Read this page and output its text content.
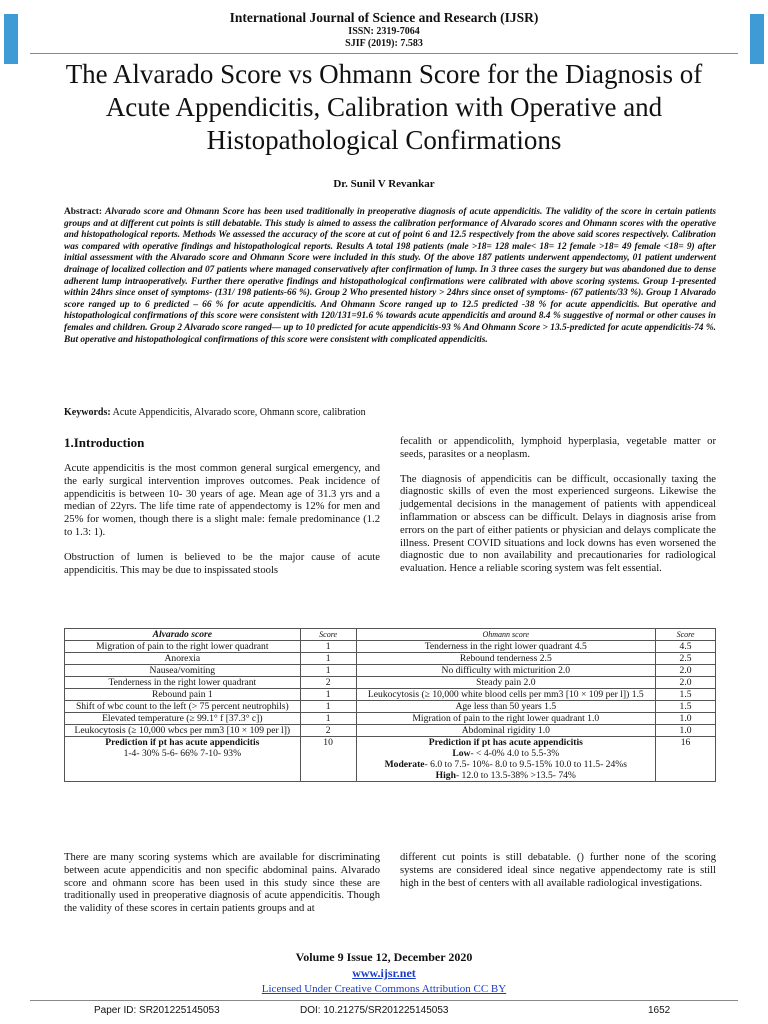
International Journal of Science and Research (IJSR)
ISSN: 2319-7064
SJIF (2019): 7.583
The Alvarado Score vs Ohmann Score for the Diagnosis of Acute Appendicitis, Calibration with Operative and Histopathological Confirmations
Dr. Sunil V Revankar
Abstract: Alvarado score and Ohmann Score has been used traditionally in preoperative diagnosis of acute appendicitis. The validity of the score in certain patients groups and at different cut points is still debatable. This study is aimed to assess the calibration performance of Alvarado scores and Ohmann scores with the operative and histopathological reports. Methods We assessed the accuracy of the score at cut of point 6 and 12.5 respectively from the above said scores respectively. Calibration was compared with operative findings and histopathological reports. Results A total 198 patients (male >18= 128 male< 18= 12 female >18= 49 female <18= 9) after initial assessment with the Alvarado score and Ohmann Score were included in this study. Of the above 187 patients underwent appendectomy, 01 patient underwent drainage of localized collection and 07 patients where managed conservatively after confirmation of lump. In 3 three cases the surgery but was abandoned due to dense adherent lump intraoperatively. Further there operative findings and histopathological confirmations were calibrated with above scoring systems. Group 1-presented within 24hrs since onset of symptoms- (131/ 198 patients-66 %). Group 2 Who presented history > 24hrs since onset of symptoms- (67 patients/33 %). Group 1 Alvarado score ranged up to 6 predicted – 66 % for acute appendicitis. And Ohmann Score ranged up to 12.5 predicted -38 % for acute appendicitis. But operative and histopathological confirmations of this score were consistent with 120/131=91.6 % towards acute appendicitis and around 8.4 % suggestive of normal or other causes in females and children. Group 2 Alvarado score ranged— up to 10 predicted for acute appendicitis-93 % And Ohmann Score > 13.5-predicted for acute appendicitis-74 %. But operative and histopathological confirmations of this score were consistent with complicated appendicitis.
Keywords: Acute Appendicitis, Alvarado score, Ohmann score, calibration
1.Introduction

Acute appendicitis is the most common general surgical emergency, and the early surgical intervention improves outcomes. Peak incidence of appendicitis is between 10- 30 years of age. Mean age of 31.3 yrs and a median of 22yrs. The life time rate of appendectomy is 12% for men and 25% for women, though there is a slight male: female predominance (1.2 to 1.3: 1).

Obstruction of lumen is believed to be the major cause of acute appendicitis. This may be due to inspissated stools

fecalith or appendicolith, lymphoid hyperplasia, vegetable matter or seeds, parasites or a neoplasm.

The diagnosis of appendicitis can be difficult, occasionally taxing the diagnostic skills of even the most experienced surgeons. Likewise the judgemental decisions in the management of patients with appendiceal inflammation or abscess can be difficult. Delays in diagnosis arise from errors on the part of either patients or physician and delays complicate the illness. Present COVID situations and lock downs has even worsened the diagnostic due to non availability and precautionaries for radiological evaluation. Hence a reliable scoring system was felt essential.

Alvarado score	Score	Ohmann score	Score
Migration of pain to the right lower quadrant	1	Tenderness in the right lower quadrant 4.5	4.5
Anorexia	1	Rebound tenderness 2.5	2.5
Nausea/vomiting	1	No difficulty with micturition 2.0	2.0
Tenderness in the right lower quadrant	2	Steady pain 2.0	2.0
Rebound pain 1	1	Leukocytosis (≥ 10,000 white blood cells per mm3 [10 × 109 per l]) 1.5	1.5
Shift of wbc count to the left (> 75 percent neutrophils)	1	Age less than 50 years 1.5	1.5
Elevated temperature (≥ 99.1° f [37.3° c])	1	Migration of pain to the right lower quadrant 1.0	1.0
Leukocytosis (≥ 10,000 wbcs per mm3 [10 × 109 per l])	2	Abdominal rigidity 1.0	1.0
Prediction if pt has acute appendicitis
1-4- 30% 5-6- 66% 7-10- 93%	10	Prediction if pt has acute appendicitis
Low- < 4-0% 4.0 to 5.5-3%
Moderate- 6.0 to 7.5- 10%- 8.0 to 9.5-15% 10.0 to 11.5- 24%s
High- 12.0 to 13.5-38% >13.5- 74%	16

There are many scoring systems which are available for discriminating between acute appendicitis and non specific abdominal pains. Alvarado score and ohmann score has been used in this study since these are traditionally used in preoperative diagnosis of acute appendicitis. Though the validity of these scores in certain patients groups and at

different cut points is still debatable. () further none of the scoring systems are considered ideal since negative appendectomy rate is still high in the best of centers with all available radiological investigations.

Volume 9 Issue 12, December 2020
www.ijsr.net
Licensed Under Creative Commons Attribution CC BY
Paper ID: SR201225145053	DOI: 10.21275/SR201225145053	1652
